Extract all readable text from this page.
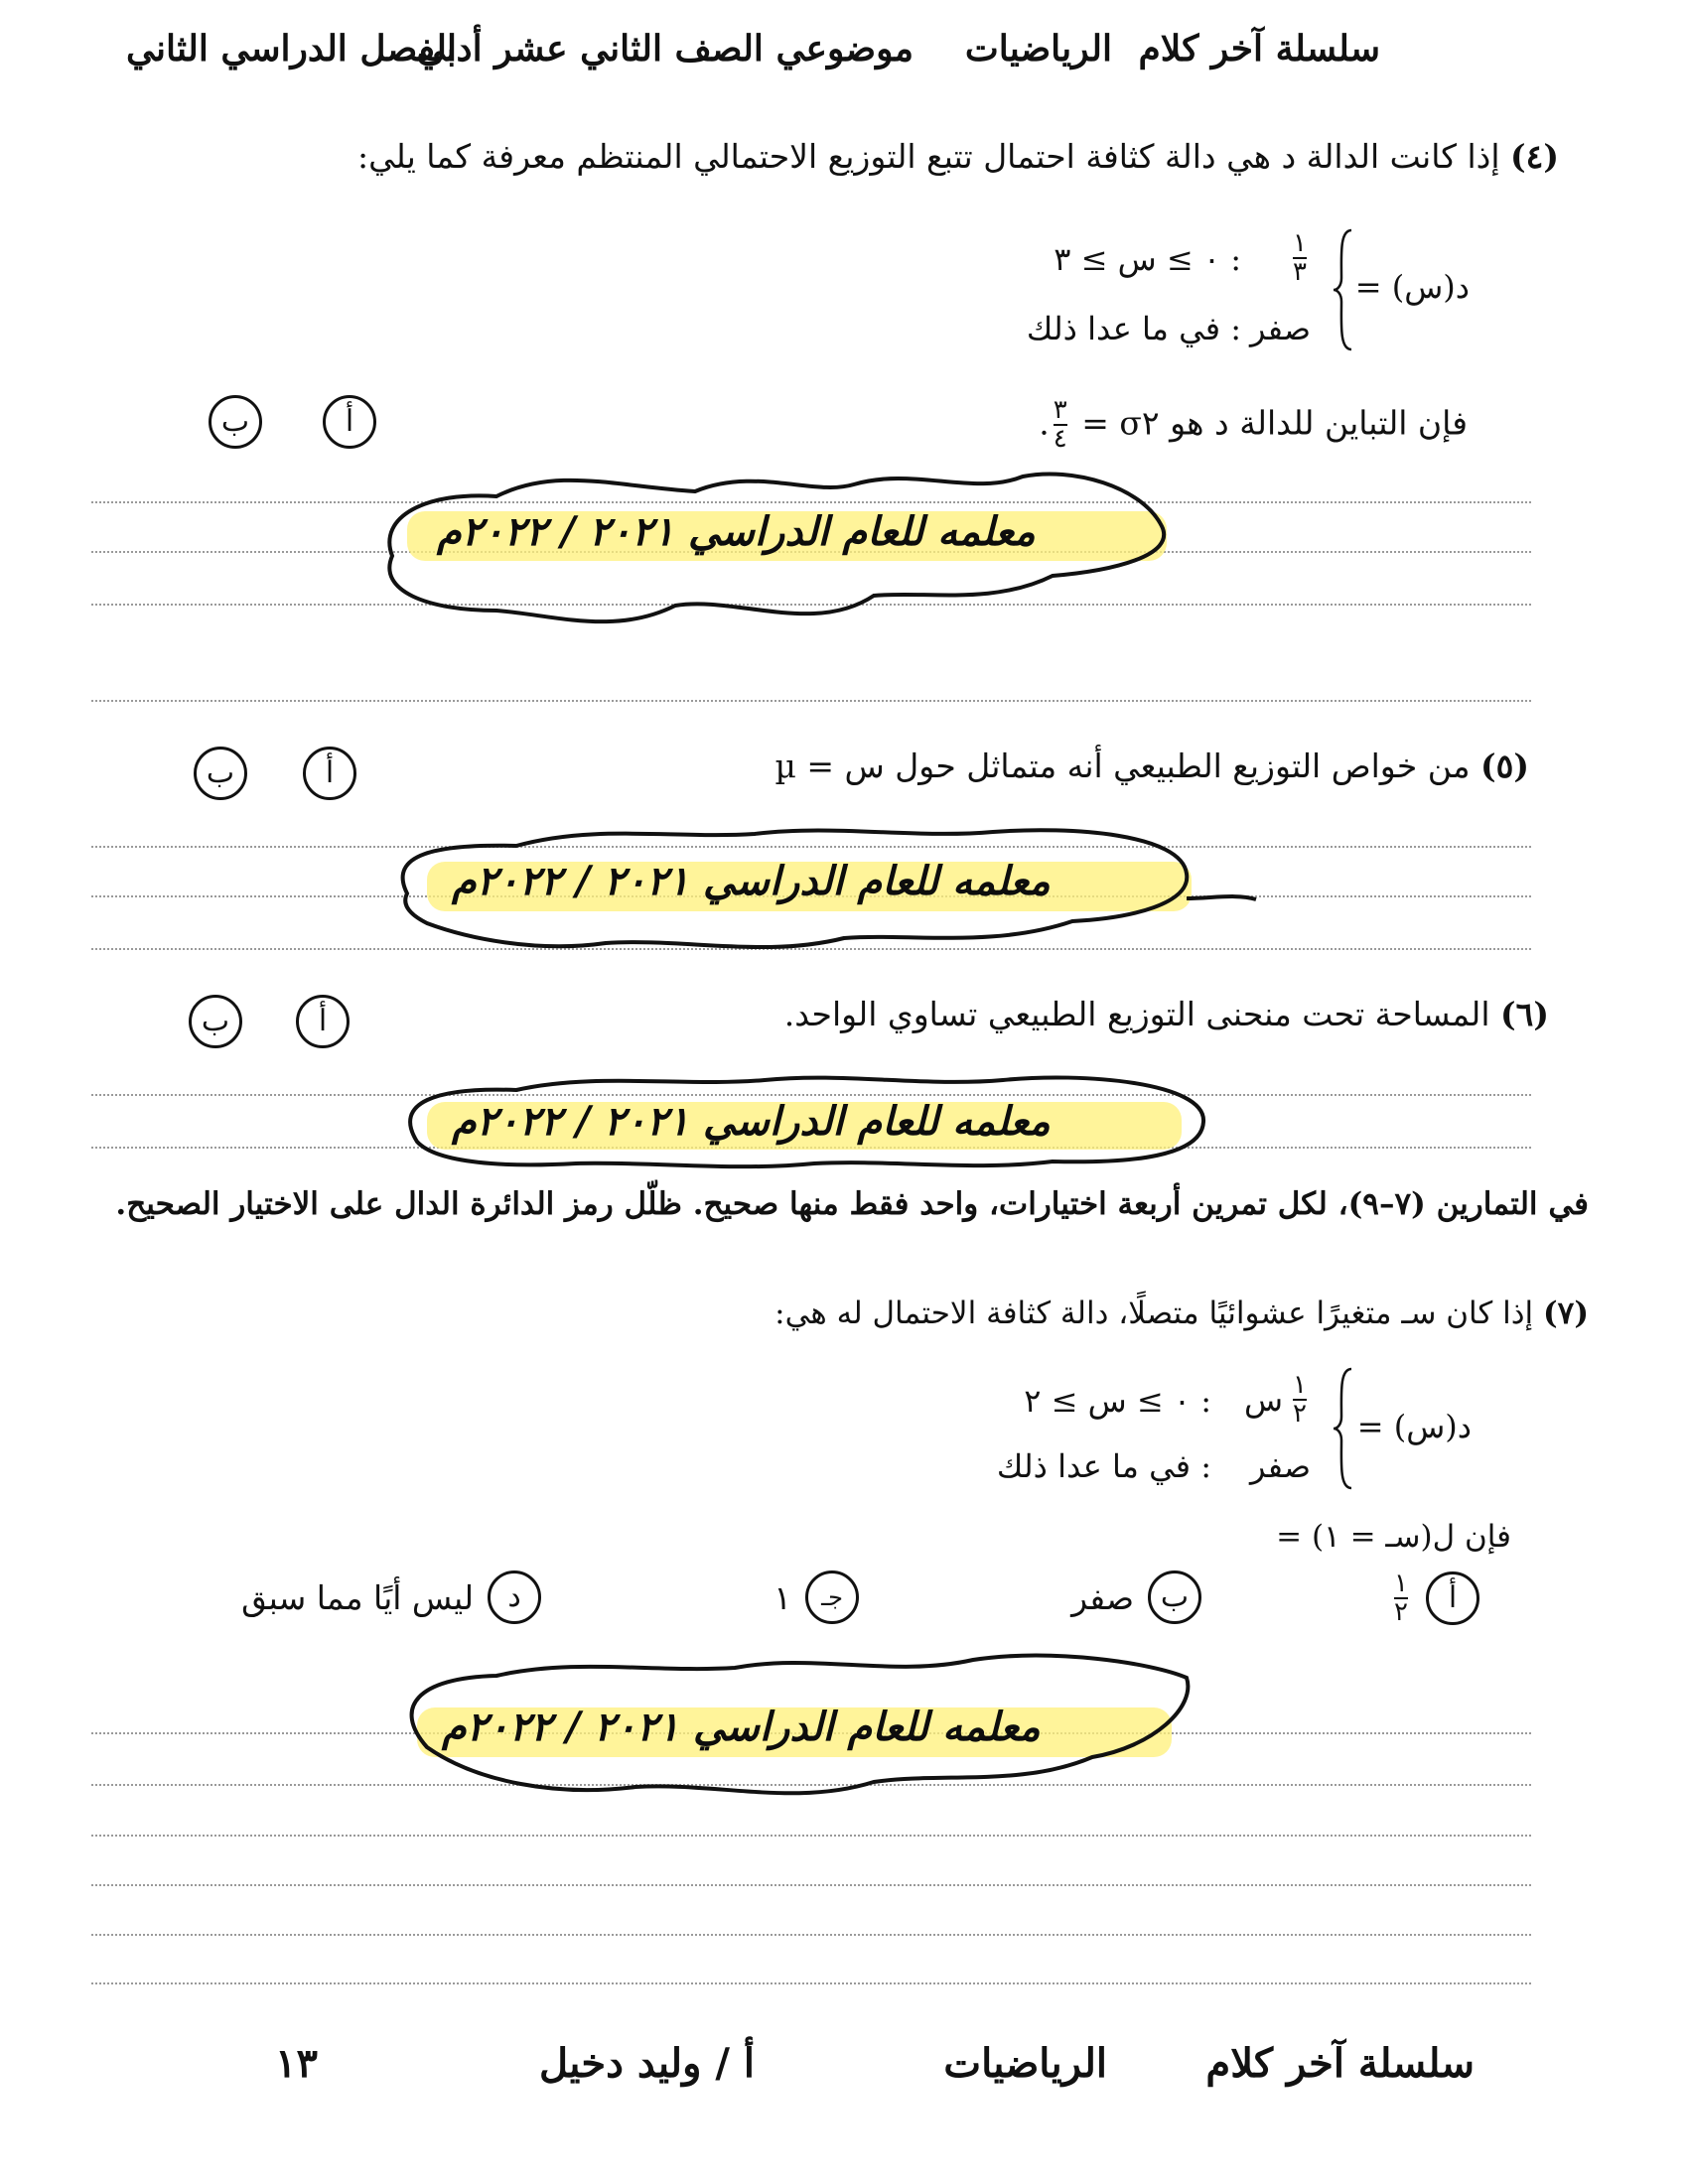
سلسلة آخر كلام
الرياضيات
موضوعي الصف الثاني عشر أدبي
الفصل الدراسي الثاني
(٤) إذا كانت الدالة د هي دالة كثافة احتمال تتبع التوزيع الاحتمالي المنتظم معرفة كما يلي:
د(س) =
$\frac{١}{٣}$
: ٠ ≥ س ≥ ٣
صفر
: في ما عدا ذلك
فإن التباين للدالة د هو σ٢ =
$\frac{٣}{٤}$
.
أ
ب
معلمه للعام الدراسي ٢٠٢١ / ٢٠٢٢م
(٥) من خواص التوزيع الطبيعي أنه متماثل حول س = µ
أ
ب
معلمه للعام الدراسي ٢٠٢١ / ٢٠٢٢م
(٦) المساحة تحت منحنى التوزيع الطبيعي تساوي الواحد.
أ
ب
معلمه للعام الدراسي ٢٠٢١ / ٢٠٢٢م
في التمارين (٧–٩)، لكل تمرين أربعة اختيارات، واحد فقط منها صحيح. ظلّل رمز الدائرة الدال على الاختيار الصحيح.
(٧) إذا كان سـ متغيرًا عشوائيًا متصلًا، دالة كثافة الاحتمال له هي:
د(س) =
$\frac{١}{٢}$
س
: ٠ ≥ س ≥ ٢
صفر
: في ما عدا ذلك
فإن ل(سـ = ١) =
أ
$\frac{١}{٢}$
ب
صفر
جـ
١
د
ليس أيًا مما سبق
معلمه للعام الدراسي ٢٠٢١ / ٢٠٢٢م
سلسلة آخر كلام
الرياضيات
أ / وليد دخيل
١٣
